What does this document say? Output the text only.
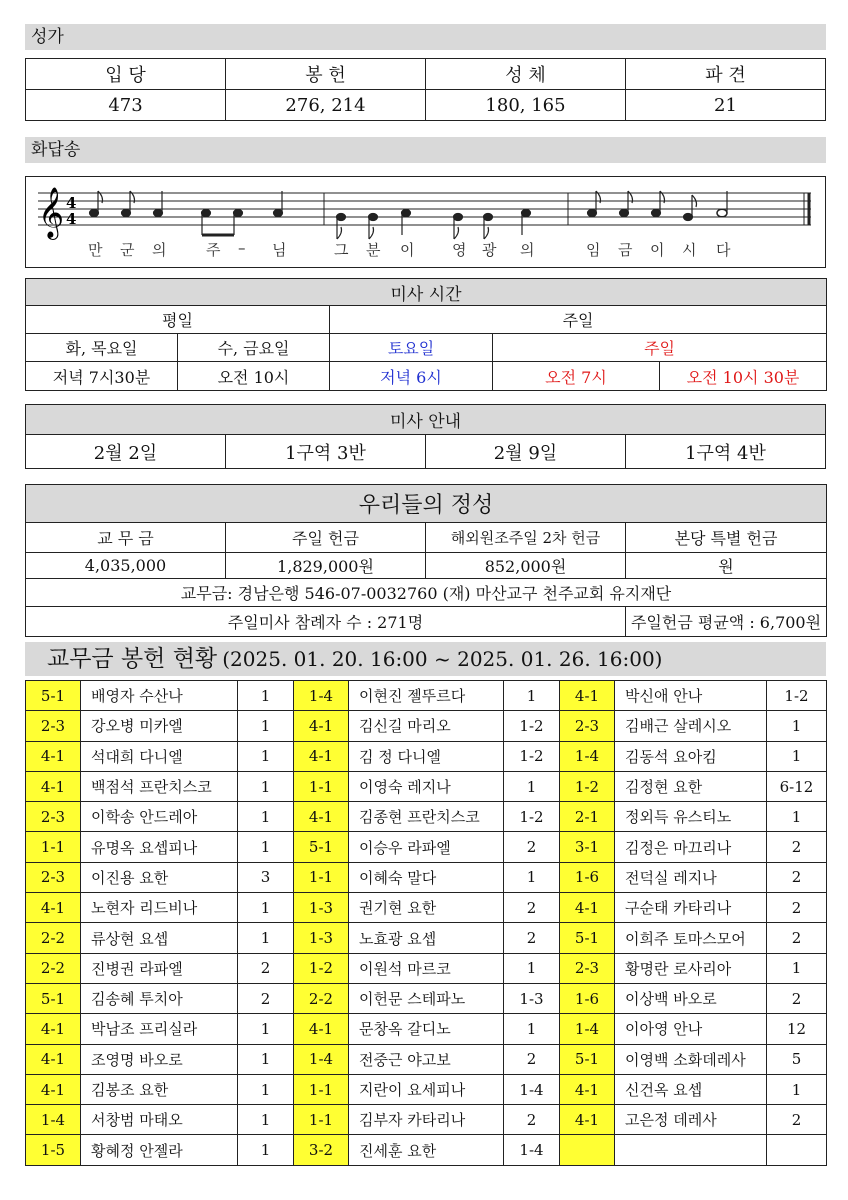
성가
입 당	봉 헌	성 체	파 견
473	276, 214	180, 165	21
화답송
𝄞 4
4
만 군 의	주 – 님	그 분 이	영 광 의	임 금 이 시 다
미사 시간				
평일		주일		
화, 목요일	수, 금요일	토요일	주일	
저녁 7시30분	오전 10시	저녁 6시	오전 7시	오전 10시 30분
미사 안내
2월 2일	1구역 3반	2월 9일	1구역 4반
우리들의 정성			
교 무 금	주일 헌금	해외원조주일 2차 헌금	본당 특별 헌금
4,035,000	1,829,000원	852,000원	원
교무금: 경남은행 546-07-0032760 (재) 마산교구 천주교회 유지재단			
주일미사 참례자 수 : 271명			주일헌금 평균액 : 6,700원
교무금 봉헌 현황 (2025. 01. 20. 16:00 ~ 2025. 01. 26. 16:00)
5-1	배영자 수산나	1	1-4	이현진 젤뚜르다	1	4-1	박신애 안나	1-2
2-3	강오병 미카엘	1	4-1	김신길 마리오	1-2	2-3	김배근 살레시오	1
4-1	석대희 다니엘	1	4-1	김 정 다니엘	1-2	1-4	김동석 요아킴	1
4-1	백점석 프란치스코	1	1-1	이영숙 레지나	1	1-2	김정현 요한	6-12
2-3	이학송 안드레아	1	4-1	김종현 프란치스코	1-2	2-1	정외득 유스티노	1
1-1	유명옥 요셉피나	1	5-1	이승우 라파엘	2	3-1	김정은 마끄리나	2
2-3	이진용 요한	3	1-1	이혜숙 말다	1	1-6	전덕실 레지나	2
4-1	노현자 리드비나	1	1-3	권기현 요한	2	4-1	구순태 카타리나	2
2-2	류상현 요셉	1	1-3	노효광 요셉	2	5-1	이희주 토마스모어	2
2-2	진병권 라파엘	2	1-2	이원석 마르코	1	2-3	황명란 로사리아	1
5-1	김송혜 투치아	2	2-2	이헌문 스테파노	1-3	1-6	이상백 바오로	2
4-1	박남조 프리실라	1	4-1	문창옥 갈디노	1	1-4	이아영 안나	12
4-1	조영명 바오로	1	1-4	전중근 야고보	2	5-1	이영백 소화데레사	5
4-1	김봉조 요한	1	1-1	지란이 요세피나	1-4	4-1	신건옥 요셉	1
1-4	서창범 마태오	1	1-1	김부자 카타리나	2	4-1	고은정 데레사	2
1-5	황혜정 안젤라	1	3-2	진세훈 요한	1-4			
